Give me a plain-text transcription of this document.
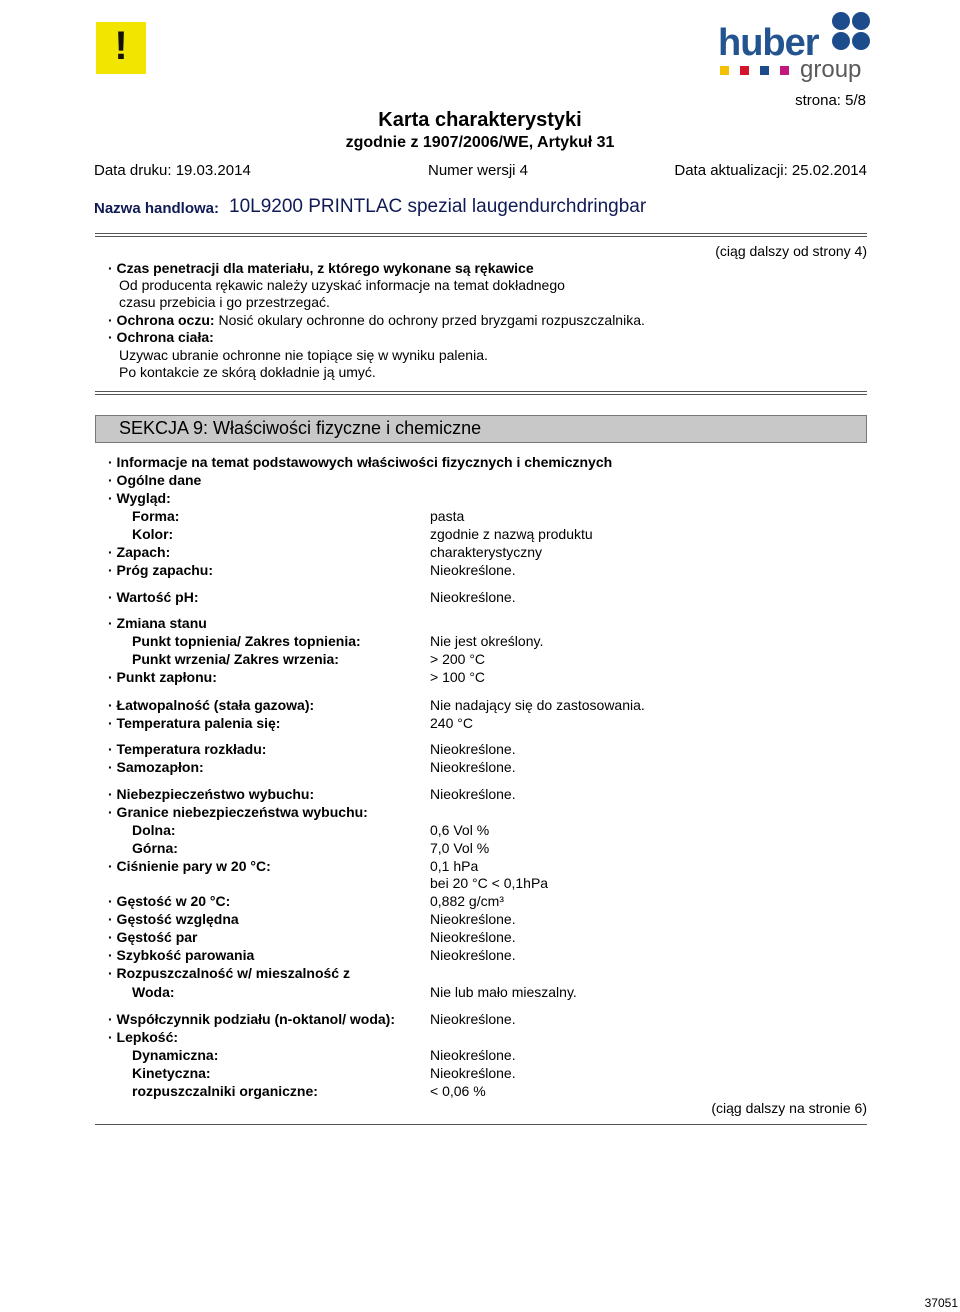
!	huber
group
Karta charakterystyki
zgodnie z 1907/2006/WE, Artykuł 31
strona: 5/8
Data druku: 19.03.2014	Numer wersji 4	Data aktualizacji: 25.02.2014
Nazwa handlowa: 10L9200 PRINTLAC spezial laugendurchdringbar
(ciąg dalszy od strony 4)
· Czas penetracji dla materiału, z którego wykonane są rękawice
Od producenta rękawic należy uzyskać informacje na temat dokładnego
czasu przebicia i go przestrzegać.
· Ochrona oczu: Nosić okulary ochronne do ochrony przed bryzgami rozpuszczalnika.
· Ochrona ciała:
Uzywac ubranie ochronne nie topiące się w wyniku palenia.
Po kontakcie ze skórą dokładnie ją umyć.
SEKCJA 9: Właściwości fizyczne i chemiczne
· Informacje na temat podstawowych właściwości fizycznych i chemicznych
· Ogólne dane
· Wygląd:
Forma:	pasta
Kolor:	zgodnie z nazwą produktu
· Zapach:	charakterystyczny
· Próg zapachu:	Nieokreślone.
· Wartość pH:	Nieokreślone.
· Zmiana stanu
Punkt topnienia/ Zakres topnienia:	Nie jest określony.
Punkt wrzenia/ Zakres wrzenia:	> 200 °C
· Punkt zapłonu:	> 100 °C
· Łatwopalność (stała gazowa):	Nie nadający się do zastosowania.
· Temperatura palenia się:	240 °C
· Temperatura rozkładu:	Nieokreślone.
· Samozapłon:	Nieokreślone.
· Niebezpieczeństwo wybuchu:	Nieokreślone.
· Granice niebezpieczeństwa wybuchu:
Dolna:	0,6 Vol %
Górna:	7,0 Vol %
· Ciśnienie pary w 20 °C:	0,1 hPa
bei 20 °C < 0,1hPa
· Gęstość w 20 °C:	0,882 g/cm³
· Gęstość względna	Nieokreślone.
· Gęstość par	Nieokreślone.
· Szybkość parowania	Nieokreślone.
· Rozpuszczalność w/ mieszalność z
Woda:	Nie lub mało mieszalny.
· Współczynnik podziału (n-oktanol/ woda):	Nieokreślone.
· Lepkość:
Dynamiczna:	Nieokreślone.
Kinetyczna:	Nieokreślone.
rozpuszczalniki organiczne:	< 0,06 %
(ciąg dalszy na stronie 6)
37051
